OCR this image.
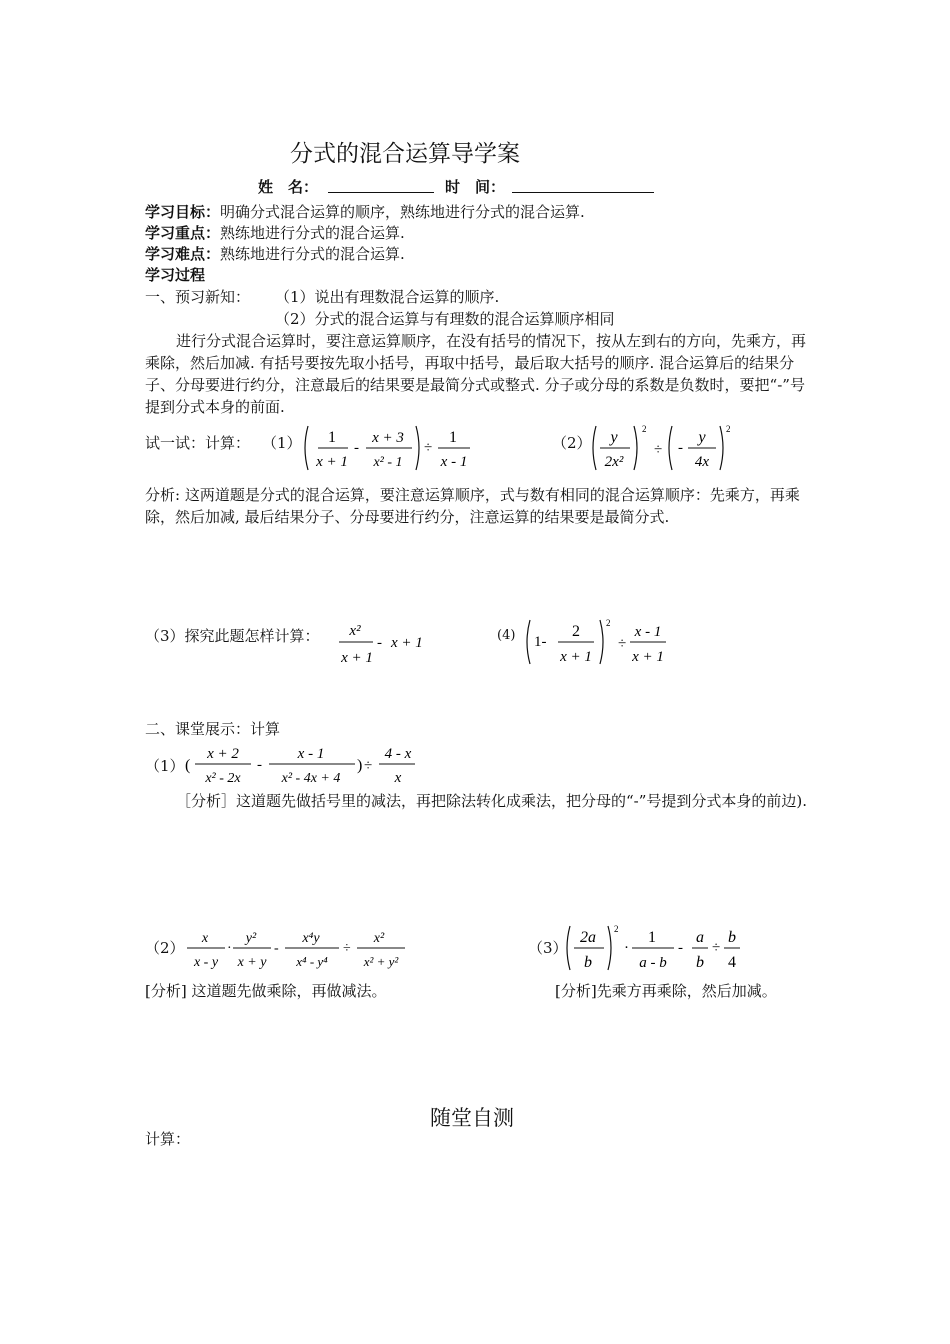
分式的混合运算导学案
姓　名：	时　间：
学习目标：明确分式混合运算的顺序，熟练地进行分式的混合运算.
学习重点：熟练地进行分式的混合运算.
学习难点：熟练地进行分式的混合运算.
学习过程
一、预习新知： （1）说出有理数混合运算的顺序.
（2）分式的混合运算与有理数的混合运算顺序相同
进行分式混合运算时，要注意运算顺序，在没有括号的情况下，按从左到右的方向，先乘方，再乘除，然后加减. 有括号要按先取小括号，再取中括号，最后取大括号的顺序. 混合运算后的结果分子、分母要进行约分，注意最后的结果要是最简分式或整式. 分子或分母的系数是负数时，要把“-”号提到分式本身的前面.
试一试：计算： （1） 1
x + 1
-
x + 3
x² - 1
÷
1
x - 1
（2） y
2x²
2
÷ -
y
4x
2
分析: 这两道题是分式的混合运算，要注意运算顺序，式与数有相同的混合运算顺序：先乘方，再乘除，然后加减, 最后结果分子、分母要进行约分，注意运算的结果要是最简分式.
（3）探究此题怎样计算： x²
x + 1
- x + 1	(4) 1-
2
x + 1
2
÷
x - 1
x + 1
二、课堂展示：计算
（1） (
x + 2
x² - 2x
-
x - 1
x² - 4x + 4
) ÷
4 - x
x
［分析］这道题先做括号里的减法，再把除法转化成乘法，把分母的“-”号提到分式本身的前边).
（2）
x
x - y
·
y²
x + y
-
x⁴y
x⁴ - y⁴
÷
x²
x² + y²
（3）
2a
b
2
·
1
a - b
-
a
b
÷
b
4
[分析] 这道题先做乘除，再做减法。	[分析]先乘方再乘除，然后加减。
随堂自测
计算：
